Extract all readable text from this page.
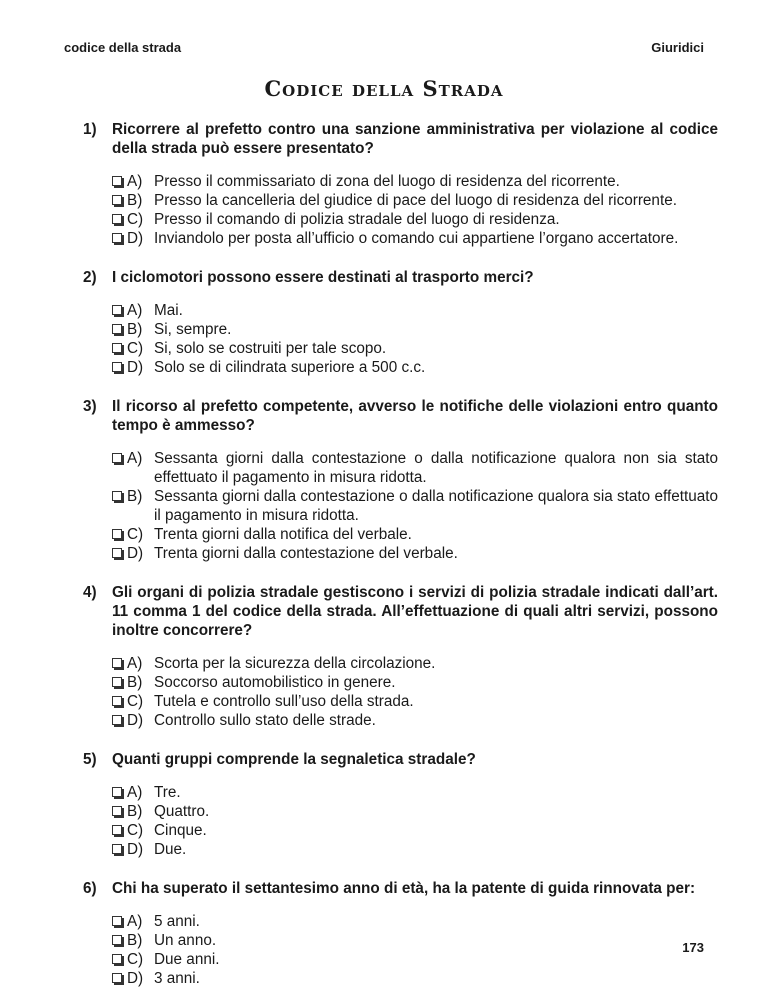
codice della strada	Giuridici
Codice della Strada
1) Ricorrere al prefetto contro una sanzione amministrativa per violazione al codice della strada può essere presentato?
A) Presso il commissariato di zona del luogo di residenza del ricorrente.
B) Presso la cancelleria del giudice di pace del luogo di residenza del ricorrente.
C) Presso il comando di polizia stradale del luogo di residenza.
D) Inviandolo per posta all’ufficio o comando cui appartiene l’organo accertatore.
2) I ciclomotori possono essere destinati al trasporto merci?
A) Mai.
B) Si, sempre.
C) Si, solo se costruiti per tale scopo.
D) Solo se di cilindrata superiore a 500 c.c.
3) Il ricorso al prefetto competente, avverso le notifiche delle violazioni entro quanto tempo è ammesso?
A) Sessanta giorni dalla contestazione o dalla notificazione qualora non sia stato effettuato il pagamento in misura ridotta.
B) Sessanta giorni dalla contestazione o dalla notificazione qualora sia stato effettuato il pagamento in misura ridotta.
C) Trenta giorni dalla notifica del verbale.
D) Trenta giorni dalla contestazione del verbale.
4) Gli organi di polizia stradale gestiscono i servizi di polizia stradale indicati dall’art. 11 comma 1 del codice della strada. All’effettuazione di quali altri servizi, possono inoltre concorrere?
A) Scorta per la sicurezza della circolazione.
B) Soccorso automobilistico in genere.
C) Tutela e controllo sull’uso della strada.
D) Controllo sullo stato delle strade.
5) Quanti gruppi comprende la segnaletica stradale?
A) Tre.
B) Quattro.
C) Cinque.
D) Due.
6) Chi ha superato il settantesimo anno di età, ha la patente di guida rinnovata per:
A) 5 anni.
B) Un anno.
C) Due anni.
D) 3 anni.
173
